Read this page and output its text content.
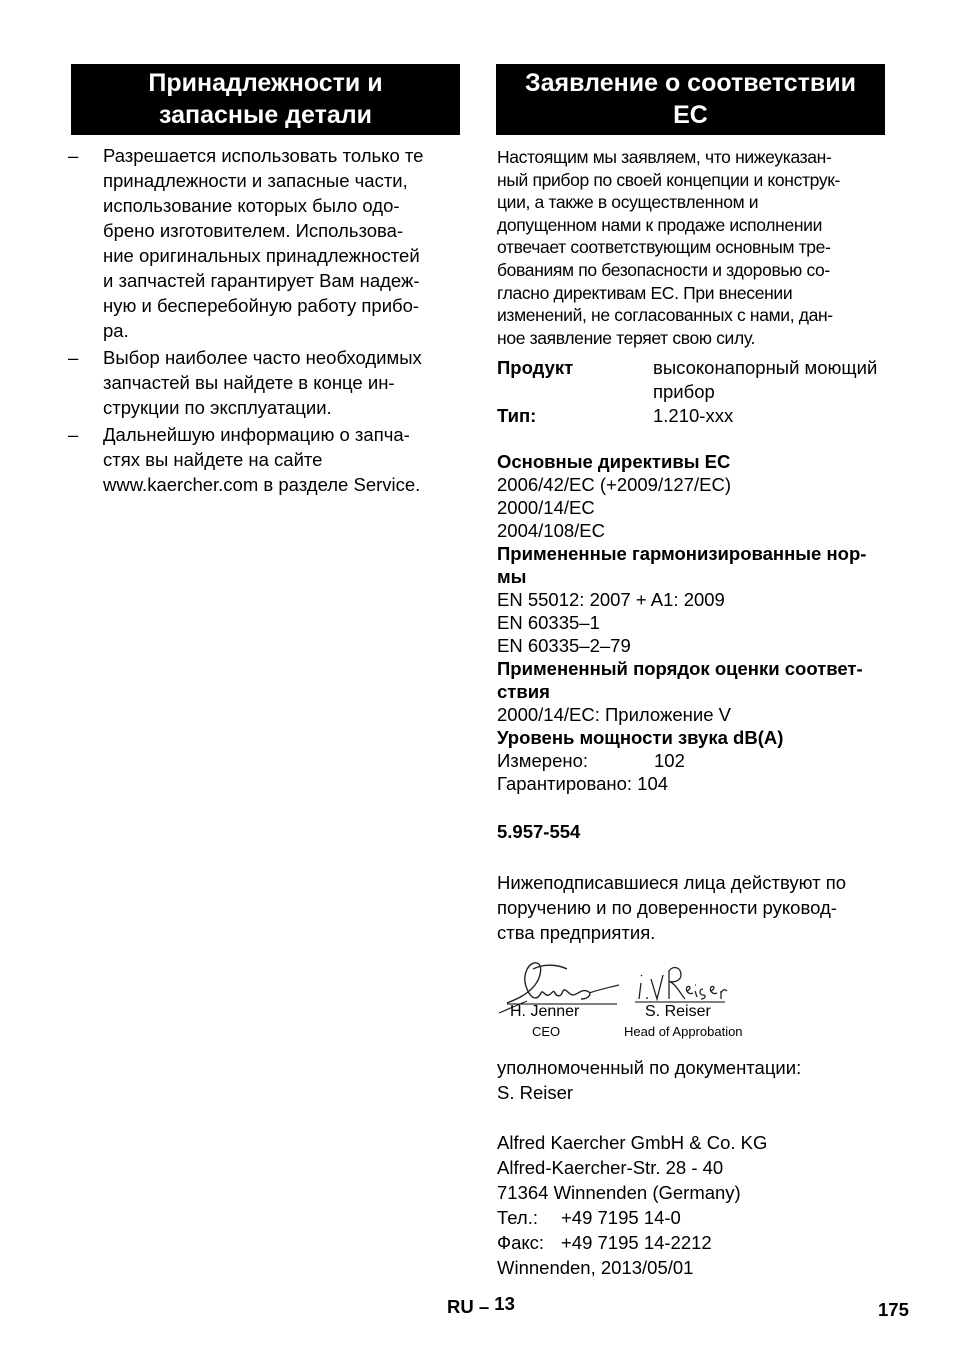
Принадлежности и
запасные детали
Заявление о соответствии
ЕС
– Разрешается использовать только те
принадлежности и запасные части,
использование которых было одо-
брено изготовителем. Использова-
ние оригинальных принадлежностей
и запчастей гарантирует Вам надеж-
ную и бесперебойную работу прибо-
ра.
– Выбор наиболее часто необходимых
запчастей вы найдете в конце ин-
струкции по эксплуатации.
– Дальнейшую информацию о запча-
стях вы найдете на сайте
www.kaercher.com в разделе Service.
Настоящим мы заявляем, что нижеуказан-
ный прибор по своей концепции и конструк-
ции, а также в осуществленном и
допущенном нами к продаже исполнении
отвечает соответствующим основным тре-
бованиям по безопасности и здоровью со-
гласно директивам ЕС. При внесении
изменений, не согласованных с нами, дан-
ное заявление теряет свою силу.
Продукт	высоконапорный моющий
прибор
Тип:	1.210-xxx
Основные директивы ЕС
2006/42/EC (+2009/127/EC)
2000/14/EC
2004/108/EC
Примененные гармонизированные нор-
мы
EN 55012: 2007 + A1: 2009
EN 60335–1
EN 60335–2–79
Примененный порядок оценки соответ-
ствия
2000/14/EC: Приложение V
Уровень мощности звука dB(A)
Измерено:	102
Гарантировано: 104
5.957-554
Нижеподписавшиеся лица действуют по
поручению и по доверенности руковод-
ства предприятия.
H. Jenner
CEO
S. Reiser
Head of Approbation
уполномоченный по документации:
S. Reiser
Alfred Kaercher GmbH & Co. KG
Alfred-Kaercher-Str. 28 - 40
71364 Winnenden (Germany)
Тел.: +49 7195 14-0
Факс: +49 7195 14-2212
Winnenden, 2013/05/01
RU – 13	175
